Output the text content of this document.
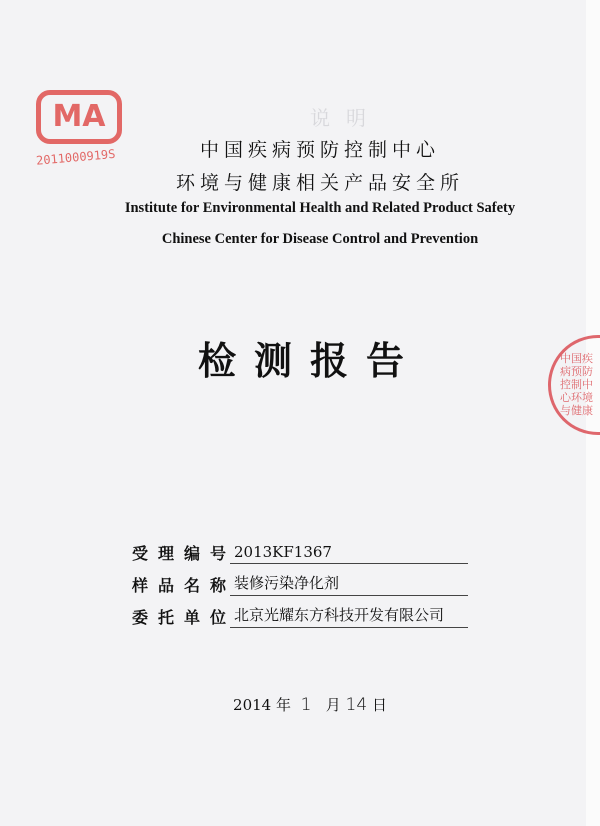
MA
2011000919S
说明
中国疾病预防控制中心
环境与健康相关产品安全所
Institute for Environmental Health and Related Product Safety
Chinese Center for Disease Control and Prevention
检测报告	中国疾病预防控制中心环境与健康
受理编号
2013KF1367
样品名称
装修污染净化剂
委托单位
北京光耀东方科技开发有限公司
2014 年 1 月 14 日
